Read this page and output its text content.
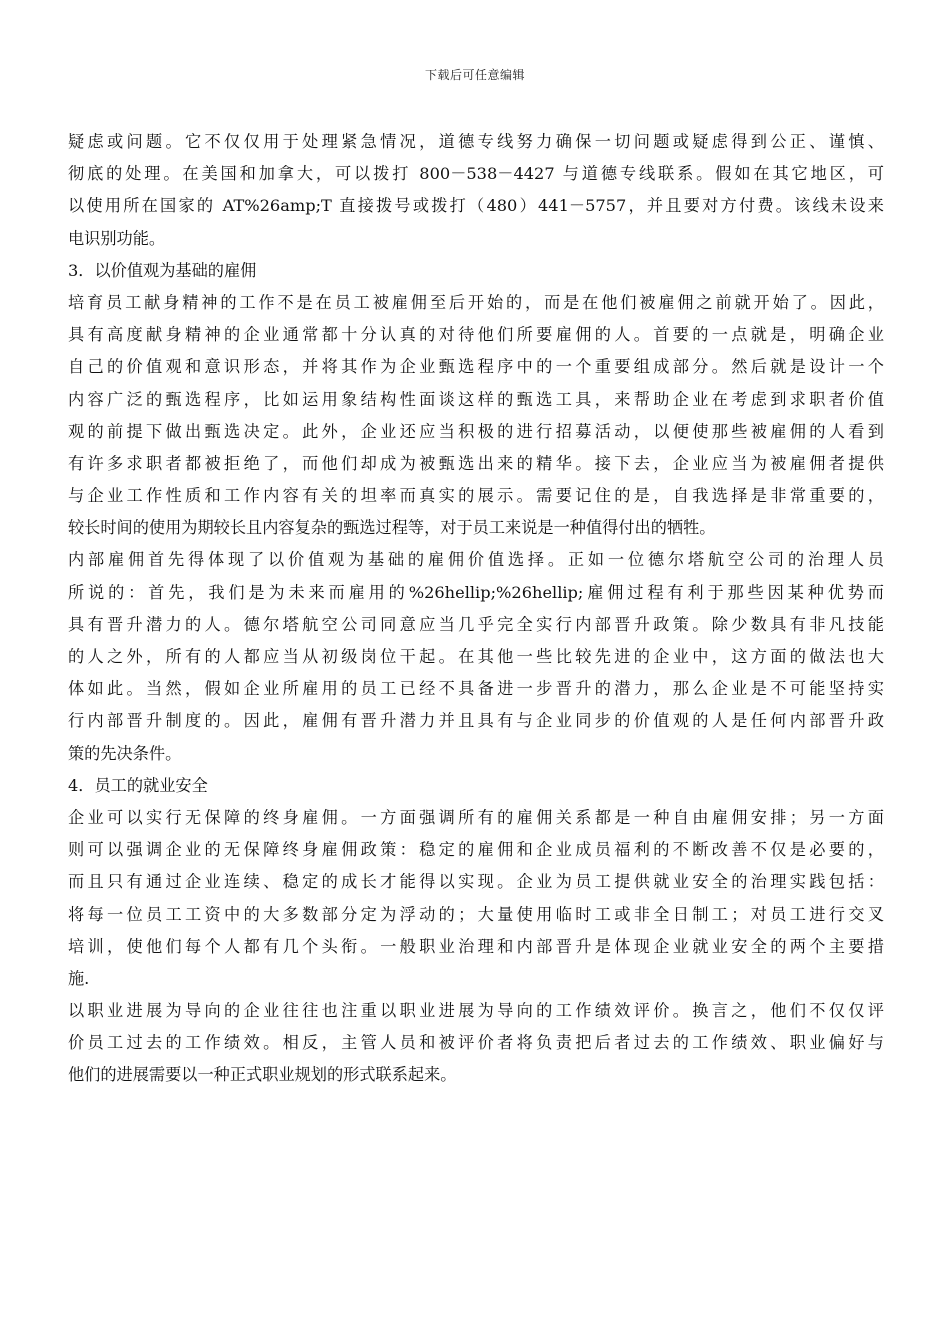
下载后可任意编辑
疑虑或问题。它不仅仅用于处理紧急情况，道德专线努力确保一切问题或疑虑得到公正、谨慎、
彻底的处理。在美国和加拿大，可以拨打 800－538－4427 与道德专线联系。假如在其它地区，可
以使用所在国家的 AT%26amp;T 直接拨号或拨打（480）441－5757，并且要对方付费。该线未设来
电识别功能。
3．以价值观为基础的雇佣
培育员工献身精神的工作不是在员工被雇佣至后开始的，而是在他们被雇佣之前就开始了。因此，
具有高度献身精神的企业通常都十分认真的对待他们所要雇佣的人。首要的一点就是，明确企业
自己的价值观和意识形态，并将其作为企业甄选程序中的一个重要组成部分。然后就是设计一个
内容广泛的甄选程序，比如运用象结构性面谈这样的甄选工具，来帮助企业在考虑到求职者价值
观的前提下做出甄选决定。此外，企业还应当积极的进行招募活动，以便使那些被雇佣的人看到
有许多求职者都被拒绝了，而他们却成为被甄选出来的精华。接下去，企业应当为被雇佣者提供
与企业工作性质和工作内容有关的坦率而真实的展示。需要记住的是，自我选择是非常重要的，
较长时间的使用为期较长且内容复杂的甄选过程等，对于员工来说是一种值得付出的牺牲。
内部雇佣首先得体现了以价值观为基础的雇佣价值选择。正如一位德尔塔航空公司的治理人员
所说的：首先，我们是为未来而雇用的%26hellip;%26hellip;雇佣过程有利于那些因某种优势而
具有晋升潜力的人。德尔塔航空公司同意应当几乎完全实行内部晋升政策。除少数具有非凡技能
的人之外，所有的人都应当从初级岗位干起。在其他一些比较先进的企业中，这方面的做法也大
体如此。当然，假如企业所雇用的员工已经不具备进一步晋升的潜力，那么企业是不可能坚持实
行内部晋升制度的。因此，雇佣有晋升潜力并且具有与企业同步的价值观的人是任何内部晋升政
策的先决条件。
4．员工的就业安全
企业可以实行无保障的终身雇佣。一方面强调所有的雇佣关系都是一种自由雇佣安排；另一方面
则可以强调企业的无保障终身雇佣政策：稳定的雇佣和企业成员福利的不断改善不仅是必要的，
而且只有通过企业连续、稳定的成长才能得以实现。企业为员工提供就业安全的治理实践包括：
将每一位员工工资中的大多数部分定为浮动的；大量使用临时工或非全日制工；对员工进行交叉
培训，使他们每个人都有几个头衔。一般职业治理和内部晋升是体现企业就业安全的两个主要措
施.
以职业进展为导向的企业往往也注重以职业进展为导向的工作绩效评价。换言之，他们不仅仅评
价员工过去的工作绩效。相反，主管人员和被评价者将负责把后者过去的工作绩效、职业偏好与
他们的进展需要以一种正式职业规划的形式联系起来。
